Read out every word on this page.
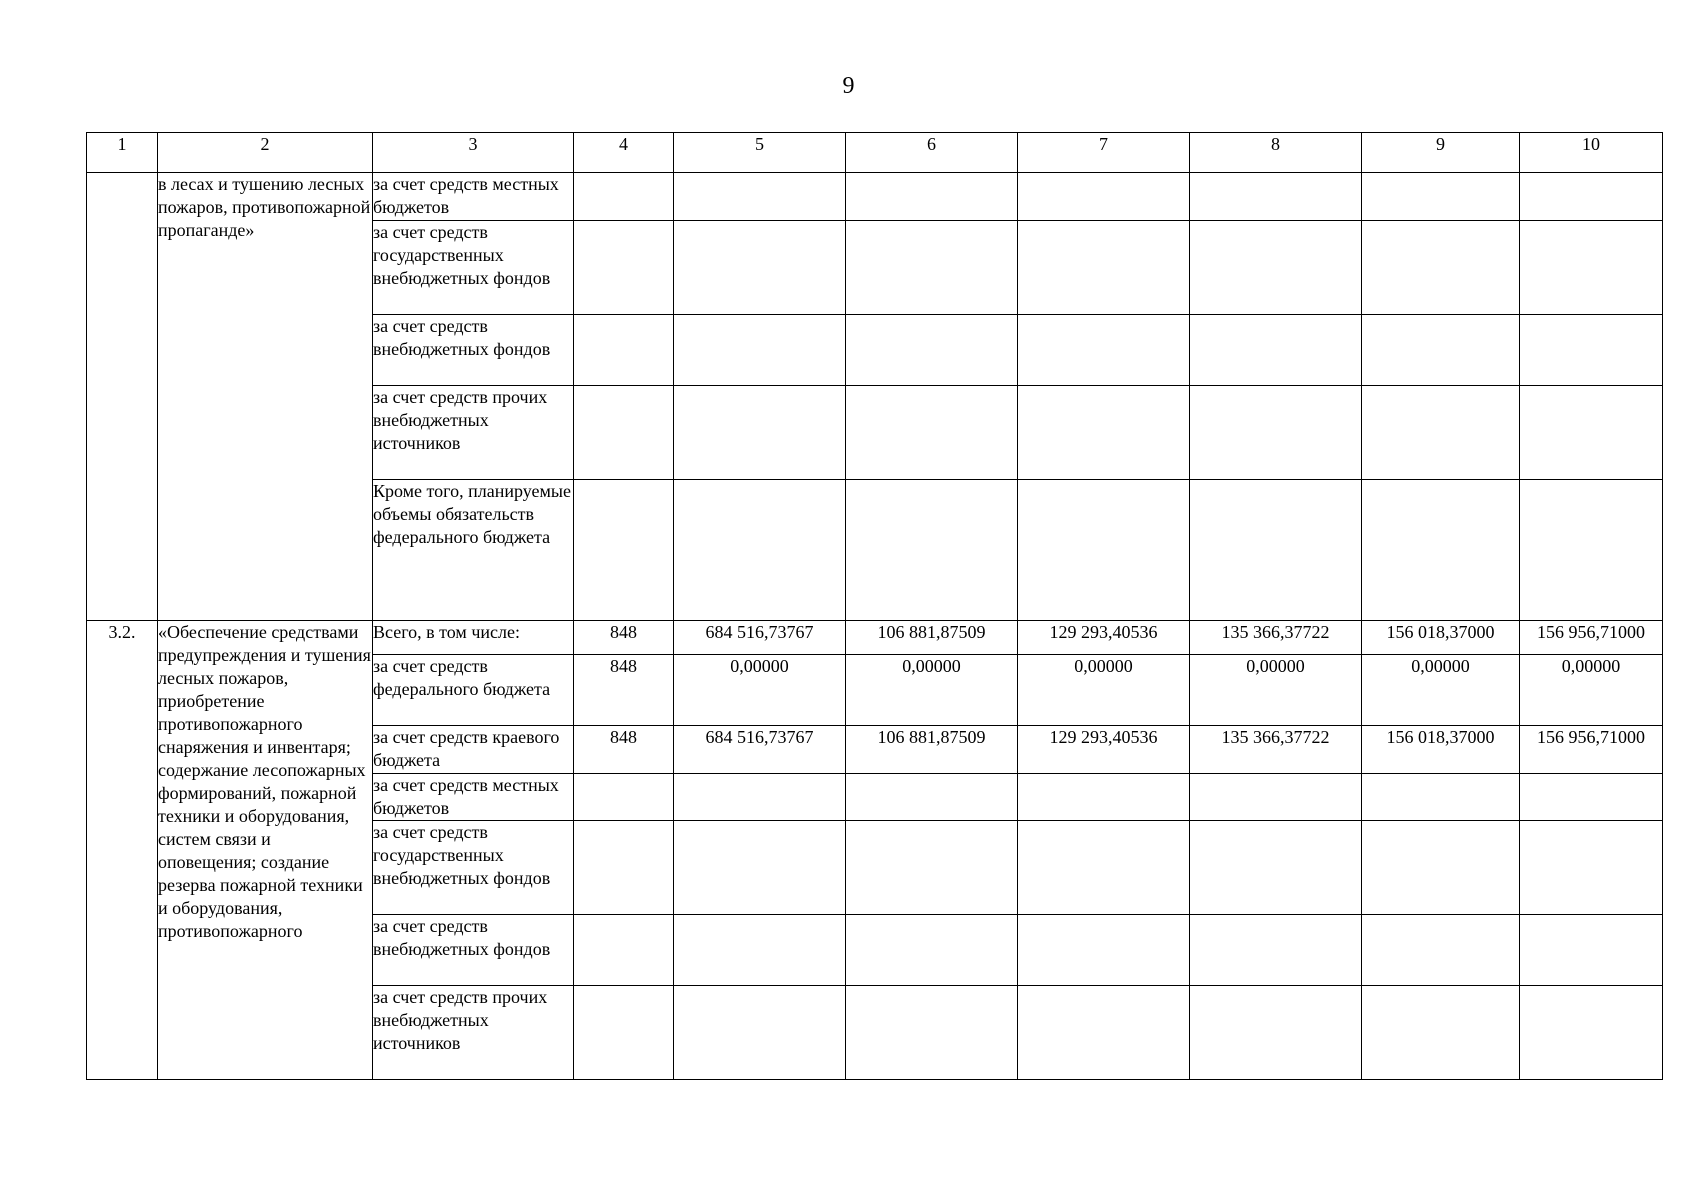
9
1	2	3	4	5	6	7	8	9	10
	в лесах и тушению лесных пожаров, противопожарной пропаганде»	за счет средств местных бюджетов							
		за счет средств государственных внебюджетных фондов							
		за счет средств внебюджетных фондов							
		за счет средств прочих внебюджетных источников							
		Кроме того, планируемые объемы обязательств федерального бюджета							
3.2.	«Обеспечение средствами предупреждения и тушения лесных пожаров, приобретение противопожарного снаряжения и инвентаря; содержание лесопожарных формирований, пожарной техники и оборудования, систем связи и оповещения; создание резерва пожарной техники и оборудования, противопожарного	Всего, в том числе:	848	684 516,73767	106 881,87509	129 293,40536	135 366,37722	156 018,37000	156 956,71000
		за счет средств федерального бюджета	848	0,00000	0,00000	0,00000	0,00000	0,00000	0,00000
		за счет средств краевого бюджета	848	684 516,73767	106 881,87509	129 293,40536	135 366,37722	156 018,37000	156 956,71000
		за счет средств местных бюджетов							
		за счет средств государственных внебюджетных фондов							
		за счет средств внебюджетных фондов							
		за счет средств прочих внебюджетных источников							
